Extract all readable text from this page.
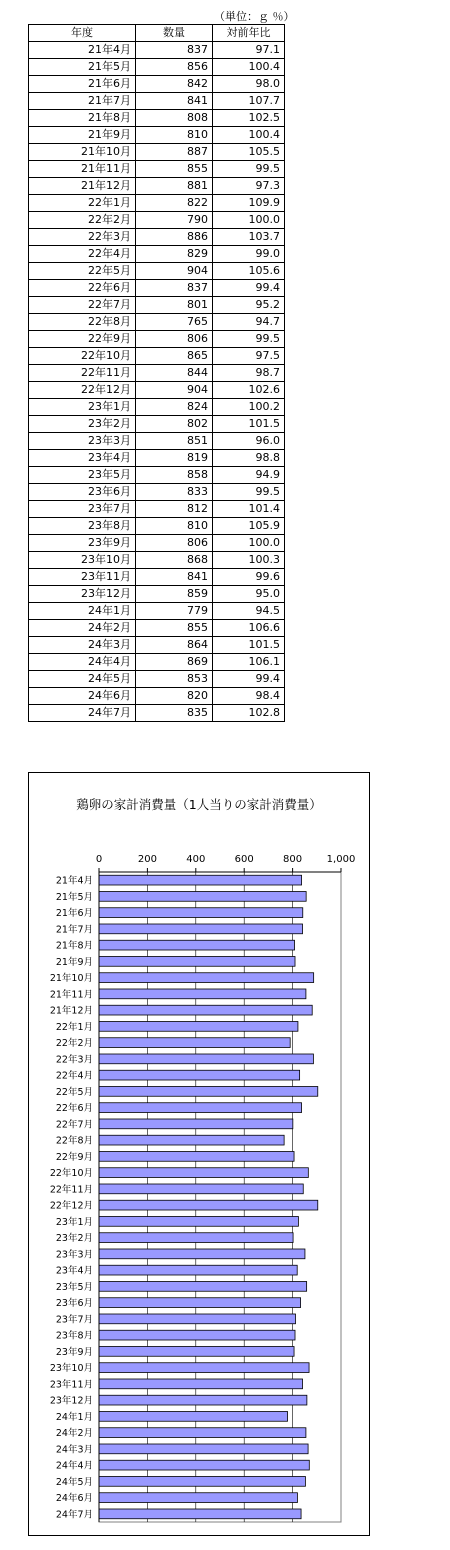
（単位：ｇ ％）
年度	数量	対前年比
21年4月	837	97.1
21年5月	856	100.4
21年6月	842	98.0
21年7月	841	107.7
21年8月	808	102.5
21年9月	810	100.4
21年10月	887	105.5
21年11月	855	99.5
21年12月	881	97.3
22年1月	822	109.9
22年2月	790	100.0
22年3月	886	103.7
22年4月	829	99.0
22年5月	904	105.6
22年6月	837	99.4
22年7月	801	95.2
22年8月	765	94.7
22年9月	806	99.5
22年10月	865	97.5
22年11月	844	98.7
22年12月	904	102.6
23年1月	824	100.2
23年2月	802	101.5
23年3月	851	96.0
23年4月	819	98.8
23年5月	858	94.9
23年6月	833	99.5
23年7月	812	101.4
23年8月	810	105.9
23年9月	806	100.0
23年10月	868	100.3
23年11月	841	99.6
23年12月	859	95.0
24年1月	779	94.5
24年2月	855	106.6
24年3月	864	101.5
24年4月	869	106.1
24年5月	853	99.4
24年6月	820	98.4
24年7月	835	102.8
鶏卵の家計消費量（1人当りの家計消費量）
0	200	400	600	800 1,000
21年4月
21年5月
21年6月
21年7月
21年8月
21年9月
21年10月
21年11月
21年12月
22年1月
22年2月
22年3月
22年4月
22年5月
22年6月
22年7月
22年8月
22年9月
22年10月
22年11月
22年12月
23年1月
23年2月
23年3月
23年4月
23年5月
23年6月
23年7月
23年8月
23年9月
23年10月
23年11月
23年12月
24年1月
24年2月
24年3月
24年4月
24年5月
24年6月
24年7月
